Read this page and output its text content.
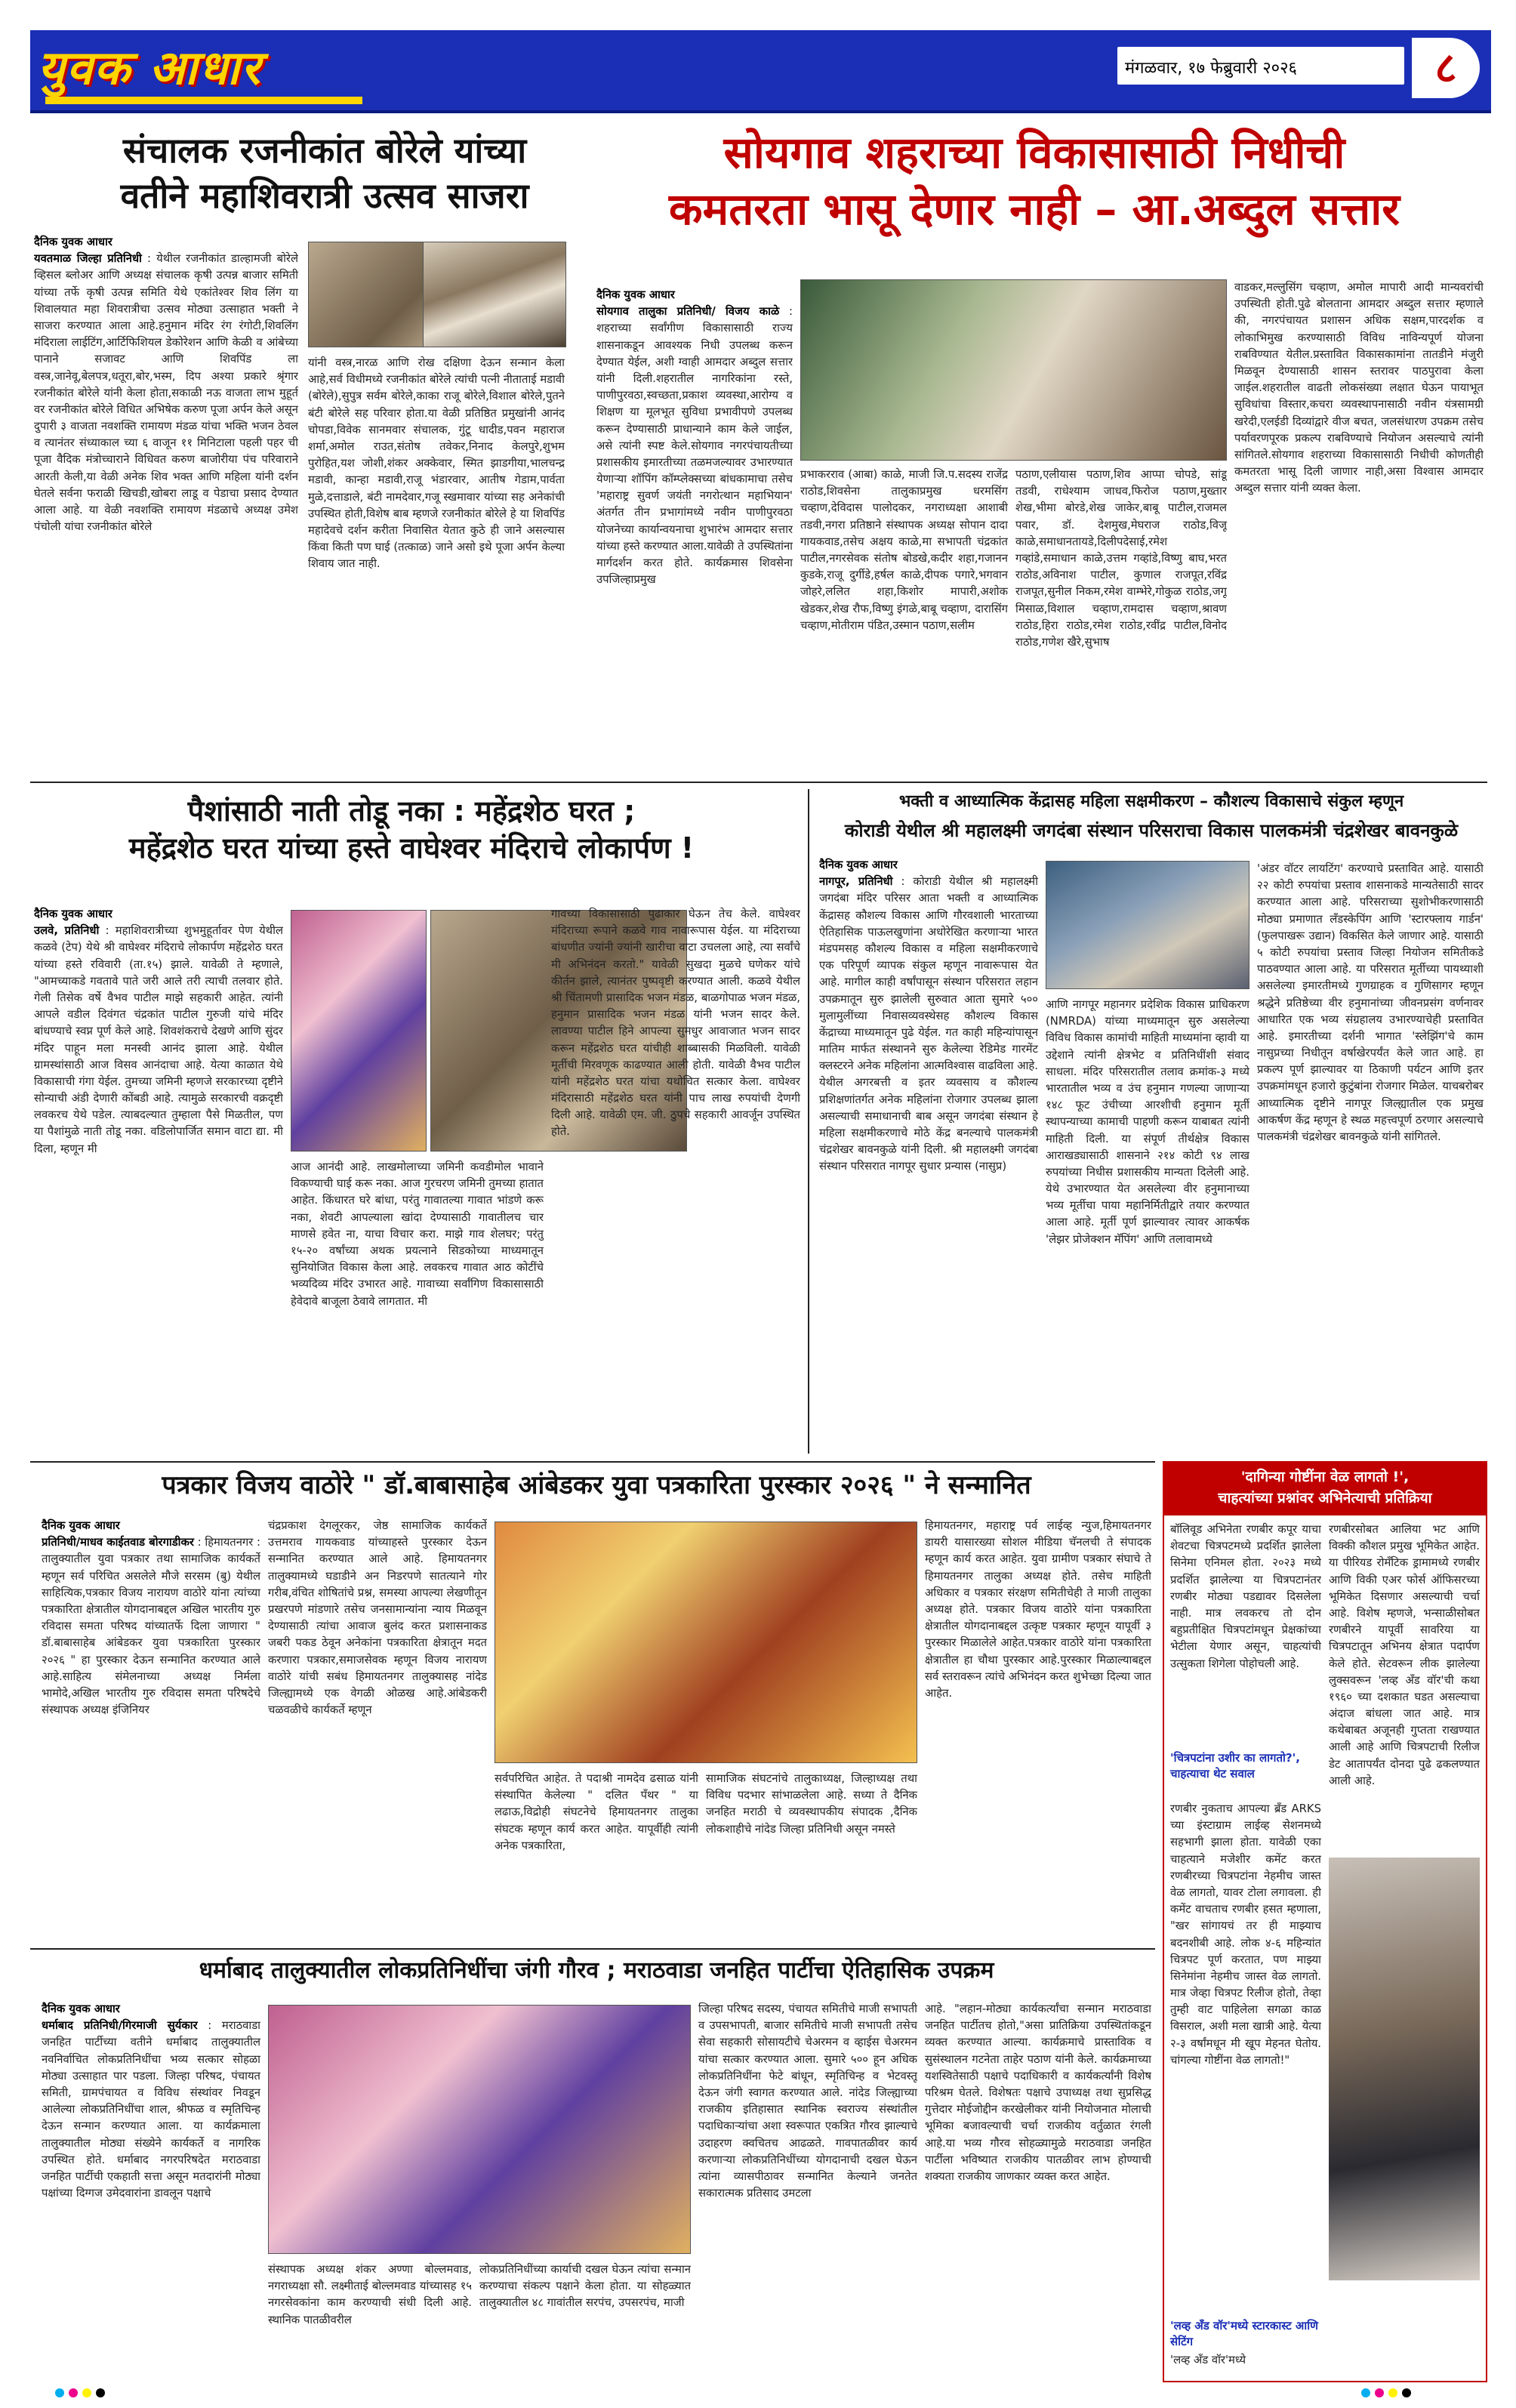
युवक आधार	मंगळवार, १७ फेब्रुवारी २०२६	८
संचालक रजनीकांत बोरेले यांच्या
वतीने महाशिवरात्री उत्सव साजरा
दैनिक युवक आधार
यवतमाळ जिल्हा प्रतिनिधी : येथील रजनीकांत डाल्हामजी बोरेले व्हिसल ब्लोअर आणि अध्यक्ष संचालक कृषी उत्पन्न बाजार समिती यांच्या तर्फे कृषी उत्पन्न समिति येथे एकांतेश्वर शिव लिंग या शिवालयात महा शिवरात्रीचा उत्सव मोठ्या उत्साहात भक्ती ने साजरा करण्यात आला आहे.हनुमान मंदिर रंग रंगोटी,शिवलिंग मंदिराला लाईटिंग,आर्टिफिशियल डेकोरेशन आणि केळी व आंबेच्या पानाने सजावट आणि शिवपिंड ला वस्त्र,जानेवू,बेलपत्र,धतूरा,बोर,भस्म, दिप अश्या प्रकारे श्रृंगार रजनीकांत बोरेले यांनी केला होता,सकाळी नऊ वाजता लाभ मुहूर्त वर रजनीकांत बोरेले विधित अभिषेक करुण पूजा अर्पन केले असून दुपारी ३ वाजता नवशक्ति रामायण मंडळ यांचा भक्ति भजन ठेवल व त्यानंतर संध्याकाल च्या ६ वाजून ११ मिनिटाला पहली पहर ची पूजा वैदिक मंत्रोच्चाराने विधिवत करुण बाजोरीया पंच परिवाराने आरती केली,या वेळी अनेक शिव भक्त आणि महिला यांनी दर्शन घेतले सर्वना फराळी खिचडी,खोबरा लाडू व पेडाचा प्रसाद देण्यात आला आहे. या वेळी नवशक्ति रामायण मंडळाचे अध्यक्ष उमेश पंचोली यांचा रजनीकांत बोरेले
यांनी वस्त्र,नारळ आणि रोख दक्षिणा देऊन सन्मान केला आहे,सर्व विधीमध्ये रजनीकांत बोरेले त्यांची पत्नी नीताताई मडावी (बोरेले),सुपुत्र सर्वम बोरेले,काका राजू बोरेले,विशाल बोरेले,पुतने बंटी बोरेले सह परिवार होता.या वेळी प्रतिष्ठित प्रमुखांनी आनंद चोपडा,विवेक सानमवार संचालक, गुंटू धादीड,पवन महाराज शर्मा,अमोल राउत,संतोष तवेकर,निनाद केलपुरे,शुभम पुरोहित,यश जोशी,शंकर अक्केवार, स्मित झाडगीया,भालचन्द्र मडावी, कान्हा मडावी,राजू भंडारवार, आतीष गेडाम,पार्वता मुळे,दत्ताडाले, बंटी नामदेवार,गजू स्खमावार यांच्या सह अनेकांची उपस्थित होती,विशेष बाब म्हणजे रजनीकांत बोरेले हे या शिवपिंड महादेवचे दर्शन करीता निवासित येतात कुठे ही जाने असल्यास किंवा किती पण घाई (तत्काळ) जाने असो इथे पूजा अर्पन केल्या शिवाय जात नाही.
सोयगाव शहराच्या विकासासाठी निधीची
कमतरता भासू देणार नाही – आ.अब्दुल सत्तार
दैनिक युवक आधार
सोयगाव तालुका प्रतिनिधी/ विजय काळे : शहराच्या सर्वांगीण विकासासाठी राज्य शासनाकडून आवश्यक निधी उपलब्ध करून देण्यात येईल, अशी ग्वाही आमदार अब्दुल सत्तार यांनी दिली.शहरातील नागरिकांना रस्ते, पाणीपुरवठा,स्वच्छता,प्रकाश व्यवस्था,आरोग्य व शिक्षण या मूलभूत सुविधा प्रभावीपणे उपलब्ध करून देण्यासाठी प्राधान्याने काम केले जाईल, असे त्यांनी स्पष्ट केले.सोयगाव नगरपंचायतीच्या प्रशासकीय इमारतीच्या तळमजल्यावर उभारण्यात येणाऱ्या शॉपिंग कॉम्प्लेक्सच्या बांधकामाचा तसेच 'महाराष्ट्र सुवर्ण जयंती नगरोत्थान महाभियान' अंतर्गत तीन प्रभागांमध्ये नवीन पाणीपुरवठा योजनेच्या कार्यान्वयनाचा शुभारंभ आमदार सत्तार यांच्या हस्ते करण्यात आला.यावेळी ते उपस्थितांना मार्गदर्शन करत होते. कार्यक्रमास शिवसेना उपजिल्हाप्रमुख
प्रभाकरराव (आबा) काळे, माजी जि.प.सदस्य राजेंद्र राठोड,शिवसेना तालुकाप्रमुख धरमसिंग चव्हाण,देविदास पालोदकर, नगराध्यक्षा आशाबी तडवी,नगरा प्रतिष्ठाने संस्थापक अध्यक्ष सोपान दादा गायकवाड,तसेच अक्षय काळे,मा सभापती चंद्रकांत पाटील,नगरसेवक संतोष बोडखे,कदीर शहा,गजानन कुडके,राजू दुर्गीडे,हर्षल काळे,दीपक पगारे,भगवान जोहरे,ललित शहा,किशोर मापारी,अशोक खेडकर,शेख रौफ,विष्णु इंगळे,बाबू चव्हाण, दारासिंग चव्हाण,मोतीराम पंडित,उस्मान पठाण,सलीम
पठाण,एलीयास पठाण,शिव आप्पा चोपडे, सांडू तडवी, राधेश्याम जाधव,फिरोज पठाण,मुख्तार शेख,भीमा बोरडे,शेख जाकेर,बाबू पाटील,राजमल पवार, डॉ. देशमुख,मेघराज राठोड,विजू काळे,समाधानतायडे,दिलीपदेसाई,रमेश गव्हांडे,समाधान काळे,उत्तम गव्हांडे,विष्णु बाघ,भरत राठोड,अविनाश पाटील, कुणाल राजपूत,रविंद्र राजपूत,सुनील निकम,रमेश वाम्भेरे,गोकुळ राठोड,जगू मिसाळ,विशाल चव्हाण,रामदास चव्हाण,श्रावण राठोड,हिरा राठोड,रमेश राठोड,रवींद्र पाटील,विनोद राठोड,गणेश खैरे,सुभाष
वाडकर,मल्लुसिंग चव्हाण, अमोल मापारी आदी मान्यवरांची उपस्थिती होती.पुढे बोलताना आमदार अब्दुल सत्तार म्हणाले की, नगरपंचायत प्रशासन अधिक सक्षम,पारदर्शक व लोकाभिमुख करण्यासाठी विविध नाविन्यपूर्ण योजना राबविण्यात येतील.प्रस्तावित विकासकामांना तातडीने मंजुरी मिळवून देण्यासाठी शासन स्तरावर पाठपुरावा केला जाईल.शहरातील वाढती लोकसंख्या लक्षात घेऊन पायाभूत सुविधांचा विस्तार,कचरा व्यवस्थापनासाठी नवीन यंत्रसामग्री खरेदी,एलईडी दिव्यांद्वारे वीज बचत, जलसंधारण उपक्रम तसेच पर्यावरणपूरक प्रकल्प राबविण्याचे नियोजन असल्याचे त्यांनी सांगितले.सोयगाव शहराच्या विकासासाठी निधीची कोणतीही कमतरता भासू दिली जाणार नाही,असा विश्वास आमदार अब्दुल सत्तार यांनी व्यक्त केला.
पैशांसाठी नाती तोडू नका : महेंद्रशेठ घरत ;
महेंद्रशेठ घरत यांच्या हस्ते वाघेश्वर मंदिराचे लोकार्पण !
दैनिक युवक आधार
उलवे, प्रतिनिधी : महाशिवरात्रीच्या शुभमुहूर्तावर पेण येथील कळवे (टेप) येथे श्री वाघेश्वर मंदिराचे लोकार्पण महेंद्रशेठ घरत यांच्या हस्ते रविवारी (ता.१५) झाले. यावेळी ते म्हणाले, "आमच्याकडे गवतावे पाते जरी आले तरी त्याची तलवार होते. गेली तिसेक वर्षे वैभव पाटील माझे सहकारी आहेत. त्यांनी आपले वडील दिवंगत चंद्रकांत पाटील गुरुजी यांचे मंदिर बांधण्याचे स्वप्न पूर्ण केले आहे. शिवशंकराचे देखणे आणि सुंदर मंदिर पाहून मला मनस्वी आनंद झाला आहे. येथील ग्रामस्थांसाठी आज विसव आनंदाचा आहे. येत्या काळात येथे विकासाची गंगा येईल. तुमच्या जमिनी म्हणजे सरकारच्या दृष्टीने सोन्याची अंडी देणारी कोंबडी आहे. त्यामुळे सरकारची वक्रदृष्टी लवकरच येथे पडेल. त्याबदल्यात तुम्हाला पैसे मिळतील, पण या पैशांमुळे नाती तोडू नका. वडिलोपार्जित समान वाटा द्या. मी दिला, म्हणून मी
आज आनंदी आहे. लाखमोलाच्या जमिनी कवडीमोल भावाने विकण्याची घाई करू नका. आज गुरचरण जमिनी तुमच्या हातात आहेत. किंधारत घरे बांधा, परंतु गावातल्या गावात भांडणे करू नका, शेवटी आपल्याला खांदा देण्यासाठी गावातीलच चार माणसे हवेत ना, याचा विचार करा. माझे गाव शेलघर; परंतु १५-२० वर्षांच्या अथक प्रयत्नाने सिडकोच्या माध्यमातून सुनियोजित विकास केला आहे. लवकरच गावात आठ कोटींचे भव्यदिव्य मंदिर उभारत आहे. गावाच्या सर्वांगिण विकासासाठी हेवेदावे बाजूला ठेवावे लागतात. मी
गावच्या विकासासाठी पुढाकार घेऊन तेच केले. वाघेश्वर मंदिराच्या रूपाने कळवे गाव नावारूपास येईल. या मंदिराच्या बांधणीत ज्यांनी ज्यांनी खारीचा वाटा उचलला आहे, त्या सर्वांचे मी अभिनंदन करतो." यावेळी सुखदा मुळचे घणेकर यांचे कीर्तन झाले, त्यानंतर पुष्पवृष्टी करण्यात आली. कळवे येथील श्री चिंतामणी प्रासादिक भजन मंडळ, बाळगोपाळ भजन मंडळ, हनुमान प्रासादिक भजन मंडळ यांनी भजन सादर केले. लावण्या पाटील हिने आपल्या सुमधुर आवाजात भजन सादर करून महेंद्रशेठ घरत यांचीही शाब्बासकी मिळविली. यावेळी मूर्तीची मिरवणूक काढण्यात आली होती. यावेळी वैभव पाटील यांनी महेंद्रशेठ घरत यांचा यथोचित सत्कार केला. वाघेश्वर मंदिरासाठी महेंद्रशेठ घरत यांनी पाच लाख रुपयांची देणगी दिली आहे. यावेळी एम. जी. ठुपचे सहकारी आवर्जून उपस्थित होते.
भक्ती व आध्यात्मिक केंद्रासह महिला सक्षमीकरण – कौशल्य विकासाचे संकुल म्हणून
कोराडी येथील श्री महालक्ष्मी जगदंबा संस्थान परिसराचा विकास पालकमंत्री चंद्रशेखर बावनकुळे
दैनिक युवक आधार
नागपूर, प्रतिनिधी : कोराडी येथील श्री महालक्ष्मी जगदंबा मंदिर परिसर आता भक्ती व आध्यात्मिक केंद्रासह कौशल्य विकास आणि गौरवशाली भारताच्या ऐतिहासिक पाऊलखुणांना अधोरेखित करणाऱ्या भारत मंडपमसह कौशल्य विकास व महिला सक्षमीकरणाचे एक परिपूर्ण व्यापक संकुल म्हणून नावारूपास येत आहे. मागील काही वर्षांपासून संस्थान परिसरात लहान उपक्रमातून सुरु झालेली सुरुवात आता सुमारे ५०० मुलामुलींच्या निवासव्यवस्थेसह कौशल्य विकास केंद्राच्या माध्यमातून पुढे येईल. गत काही महिन्यांपासून मातिम मार्फत संस्थानने सुरु केलेल्या रेडिमेड गारमेंट क्लस्टरने अनेक महिलांना आत्मविश्वास वाढविला आहे. येथील अगरबत्ती व इतर व्यवसाय व कौशल्य प्रशिक्षणांतर्गत अनेक महिलांना रोजगार उपलब्ध झाला असल्याची समाधानाची बाब असून जगदंबा संस्थान हे महिला सक्षमीकरणाचे मोठे केंद्र बनल्याचे पालकमंत्री चंद्रशेखर बावनकुळे यांनी दिली. श्री महालक्ष्मी जगदंबा संस्थान परिसरात नागपूर सुधार प्रन्यास (नासुप्र)
आणि नागपूर महानगर प्रदेशिक विकास प्राधिकरण (NMRDA) यांच्या माध्यमातून सुरु असलेल्या विविध विकास कामांची माहिती माध्यमांना व्हावी या उद्देशाने त्यांनी क्षेत्रभेट व प्रतिनिधींशी संवाद साधला. मंदिर परिसरातील तलाव क्रमांक-३ मध्ये भारतातील भव्य व उंच हनुमान गणल्या जाणाऱ्या १४८ फूट उंचीच्या आरशीची हनुमान मूर्ती स्थापन्याच्या कामाची पाहणी करून याबाबत त्यांनी माहिती दिली. या संपूर्ण तीर्थक्षेत्र विकास आराखड्यासाठी शासनाने २१४ कोटी ९४ लाख रुपयांच्या निधीस प्रशासकीय मान्यता दिलेली आहे. येथे उभारण्यात येत असलेल्या वीर हनुमानाच्या भव्य मूर्तीचा पाया महानिर्मितीद्वारे तयार करण्यात आला आहे. मूर्ती पूर्ण झाल्यावर त्यावर आकर्षक 'लेझर प्रोजेक्शन मॅपिंग' आणि तलावामध्ये
'अंडर वॉटर लायटिंग' करण्याचे प्रस्तावित आहे. यासाठी २२ कोटी रुपयांचा प्रस्ताव शासनाकडे मान्यतेसाठी सादर करण्यात आला आहे. परिसराच्या सुशोभीकरणासाठी मोठ्या प्रमाणात लँडस्केपिंग आणि 'स्टारफ्लाय गार्डन' (फुलपाखरू उद्यान) विकसित केले जाणार आहे. यासाठी ५ कोटी रुपयांचा प्रस्ताव जिल्हा नियोजन समितीकडे पाठवण्यात आला आहे. या परिसरात मूर्तीच्या पायथ्याशी असलेल्या इमारतीमध्ये गुणग्राहक व गुणिसागर म्हणून श्रद्धेने प्रतिष्ठेच्या वीर हनुमानांच्या जीवनप्रसंग वर्णनावर आधारित एक भव्य संग्रहालय उभारण्याचेही प्रस्तावित आहे. इमारतीच्या दर्शनी भागात 'स्लेझिंग'चे काम नासुप्रच्या निधीतून वर्षाखेरपर्यंत केले जात आहे. हा प्रकल्प पूर्ण झाल्यावर या ठिकाणी पर्यटन आणि इतर उपक्रमांमधून हजारो कुटुंबांना रोजगार मिळेल. याचबरोबर आध्यात्मिक दृष्टीने नागपूर जिल्ह्यातील एक प्रमुख आकर्षण केंद्र म्हणून हे स्थळ महत्त्वपूर्ण ठरणार असल्याचे पालकमंत्री चंद्रशेखर बावनकुळे यांनी सांगितले.
पत्रकार विजय वाठोरे " डॉ.बाबासाहेब आंबेडकर युवा पत्रकारिता पुरस्कार २०२६ " ने सन्मानित
दैनिक युवक आधार
प्रतिनिधी/माधव काईतवाड बोरगाडीकर : हिमायतनगर : तालुक्यातील युवा पत्रकार तथा सामाजिक कार्यकर्ते म्हणून सर्व परिचित असलेले मौजे सरसम (बु) येथील साहित्यिक,पत्रकार विजय नारायण वाठोरे यांना त्यांच्या पत्रकारिता क्षेत्रातील योगदानाबद्दल अखिल भारतीय गुरु रविदास समता परिषद यांच्यातर्फे दिला जाणारा " डॉ.बाबासाहेब आंबेडकर युवा पत्रकारिता पुरस्कार २०२६ " हा पुरस्कार देऊन सन्मानित करण्यात आले आहे.साहित्य संमेलनाच्या अध्यक्ष निर्मला भामोदे,अखिल भारतीय गुरु रविदास समता परिषदेचे संस्थापक अध्यक्ष इंजिनियर
चंद्रप्रकाश देगलूरकर, जेष्ठ सामाजिक कार्यकर्ते उत्तमराव गायकवाड यांच्याहस्ते पुरस्कार देऊन सन्मानित करण्यात आले आहे. हिमायतनगर तालुक्यामध्ये घडाडीने अन निडरपणे सातत्याने गोर गरीब,वंचित शोषितांचे प्रश्न, समस्या आपल्या लेखणीतून प्रखरपणे मांडणारे तसेच जनसामान्यांना न्याय मिळवून देण्यासाठी त्यांचा आवाज बुलंद करत प्रशासनाकड जबरी पकड ठेवून अनेकांना पत्रकारिता क्षेत्रातून मदत करणारा पत्रकार,समाजसेवक म्हणून विजय नारायण वाठोरे यांची सबंध हिमायतनगर तालुक्यासह नांदेड जिल्ह्यामध्ये एक वेगळी ओळख आहे.आंबेडकरी चळवळीचे कार्यकर्ते म्हणून
सर्वपरिचित आहेत. ते पदाश्री नामदेव ढसाळ यांनी संस्थापित केलेल्या " दलित पँथर " या लढाऊ,विद्रोही संघटनेचे हिमायतनगर तालुका संघटक म्हणून कार्य करत आहेत. यापूर्वीही त्यांनी अनेक पत्रकारिता,
सामाजिक संघटनांचे तालुकाध्यक्ष, जिल्हाध्यक्ष तथा विविध पदभार सांभाळलेला आहे. सध्या ते दैनिक जनहित मराठी चे व्यवस्थापकीय संपादक ,दैनिक लोकशाहीचे नांदेड जिल्हा प्रतिनिधी असून नमस्ते
हिमायतनगर, महाराष्ट्र पर्व लाईव्ह न्युज,हिमायतनगर डायरी यासारख्या सोशल मीडिया चॅनलची ते संपादक म्हणून कार्य करत आहेत. युवा ग्रामीण पत्रकार संघाचे ते हिमायतनगर तालुका अध्यक्ष होते. तसेच माहिती अधिकार व पत्रकार संरक्षण समितीचेही ते माजी तालुका अध्यक्ष होते. पत्रकार विजय वाठोरे यांना पत्रकारिता क्षेत्रातील योगदानाबद्दल उत्कृष्ट पत्रकार म्हणून यापूर्वी ३ पुरस्कार मिळालेले आहेत.पत्रकार वाठोरे यांना पत्रकारिता क्षेत्रातील हा चौथा पुरस्कार आहे.पुरस्कार मिळाल्याबद्दल सर्व स्तरावरून त्यांचे अभिनंदन करत शुभेच्छा दिल्या जात आहेत.
धर्माबाद तालुक्यातील लोकप्रतिनिधींचा जंगी गौरव ; मराठवाडा जनहित पार्टीचा ऐतिहासिक उपक्रम
दैनिक युवक आधार
धर्माबाद प्रतिनिधी/गिरमाजी सुर्यकार : मराठवाडा जनहित पार्टीच्या वतीने धर्माबाद तालुक्यातील नवनिर्वाचित लोकप्रतिनिधींचा भव्य सत्कार सोहळा मोठ्या उत्साहात पार पडला. जिल्हा परिषद, पंचायत समिती, ग्रामपंचायत व विविध संस्थांवर निवडून आलेल्या लोकप्रतिनिधींचा शाल, श्रीफळ व स्मृतिचिन्ह देऊन सन्मान करण्यात आला. या कार्यक्रमाला तालुक्यातील मोठ्या संख्येने कार्यकर्ते व नागरिक उपस्थित होते. धर्माबाद नगरपरिषदेत मराठवाडा जनहित पार्टीची एकहाती सत्ता असून मतदारांनी मोठ्या पक्षांच्या दिग्गज उमेदवारांना डावलून पक्षाचे
संस्थापक अध्यक्ष शंकर अण्णा बोल्लमवाड, नगराध्यक्षा सौ. लक्ष्मीताई बोल्लमवाड यांच्यासह १५ नगरसेवकांना काम करण्याची संधी दिली आहे. स्थानिक पातळीवरील
लोकप्रतिनिधींच्या कार्याची दखल घेऊन त्यांचा सन्मान करण्याचा संकल्प पक्षाने केला होता. या सोहळ्यात तालुक्यातील ४८ गावांतील सरपंच, उपसरपंच, माजी
जिल्हा परिषद सदस्य, पंचायत समितीचे माजी सभापती व उपसभापती, बाजार समितीचे माजी सभापती तसेच सेवा सहकारी सोसायटीचे चेअरमन व व्हाईस चेअरमन यांचा सत्कार करण्यात आला. सुमारे ५०० हून अधिक लोकप्रतिनिधींना फेटे बांधून, स्मृतिचिन्ह व भेटवस्तू देऊन जंगी स्वागत करण्यात आले. नांदेड जिल्ह्याच्या राजकीय इतिहासात स्थानिक स्वराज्य संस्थांतील पदाधिकाऱ्यांचा अशा स्वरूपात एकत्रित गौरव झाल्याचे उदाहरण क्वचितच आढळते. गावपातळीवर कार्य करणाऱ्या लोकप्रतिनिधींच्या योगदानाची दखल घेऊन त्यांना व्यासपीठावर सन्मानित केल्याने जनतेत सकारात्मक प्रतिसाद उमटला
आहे. "लहान-मोठ्या कार्यकर्त्यांचा सन्मान मराठवाडा जनहित पार्टीतच होतो,"असा प्रातिक्रिया उपस्थितांकडून व्यक्त करण्यात आल्या. कार्यक्रमाचे प्रास्ताविक व सुसंस्थालन गटनेता ताहेर पठाण यांनी केले. कार्यक्रमाच्या यशस्वितेसाठी पक्षाचे पदाधिकारी व कार्यकर्त्यांनी विशेष परिश्रम घेतले. विशेषतः पक्षाचे उपाध्यक्ष तथा सुप्रसिद्ध गुत्तेदार मोईजोद्दीन करखेलीकर यांनी नियोजनात मोलाची भूमिका बजावल्याची चर्चा राजकीय वर्तुळात रंगली आहे.या भव्य गौरव सोहळ्यामुळे मराठवाडा जनहित पार्टीला भविष्यात राजकीय पातळीवर लाभ होण्याची शक्यता राजकीय जाणकार व्यक्त करत आहेत.
'दागिन्या गोष्टींना वेळ लागतो !',
चाहत्यांच्या प्रश्नांवर अभिनेत्याची प्रतिक्रिया
बॉलिवूड अभिनेता रणबीर कपूर याचा शेवटचा चित्रपटमध्ये प्रदर्शित झालेला सिनेमा एनिमल होता. २०२३ मध्ये प्रदर्शित झालेल्या या चित्रपटानंतर रणबीर मोठ्या पडद्यावर दिसलेला नाही. मात्र लवकरच तो दोन बहुप्रतीक्षित चित्रपटांमधून प्रेक्षकांच्या भेटीला येणार असून, चाहत्यांची उत्सुकता शिगेला पोहोचली आहे.
'चित्रपटांना उशीर का लागतो?', चाहत्याचा थेट सवाल
रणबीर नुकताच आपल्या ब्रँड ARKS च्या इंस्टाग्राम लाईव्ह सेशनमध्ये सहभागी झाला होता. यावेळी एका चाहत्याने मजेशीर कमेंट करत रणबीरच्या चित्रपटांना नेहमीच जास्त वेळ लागतो, यावर टोला लगावला. ही कमेंट वाचताच रणबीर हसत म्हणाला, "खर सांगायचं तर ही माझ्याच बदनशीबी आहे. लोक ४-६ महिन्यांत चित्रपट पूर्ण करतात, पण माझ्या सिनेमांना नेहमीच जास्त वेळ लागतो. मात्र जेव्हा चित्रपट रिलीज होतो, तेव्हा तुम्ही वाट पाहिलेला सगळा काळ विसराल, अशी मला खात्री आहे. येत्या २-३ वर्षांमधून मी खूप मेहनत घेतोय. चांगल्या गोष्टींना वेळ लागतो!"
'लव्ह अँड वॉर'मध्ये स्टारकास्ट आणि सेटिंग
'लव्ह अँड वॉर'मध्ये
रणबीरसोबत आलिया भट आणि विक्की कौशल प्रमुख भूमिकेत आहेत. या पीरियड रोमँटिक ड्रामामध्ये रणबीर आणि विकी एअर फोर्स ऑफिसरच्या भूमिकेत दिसणार असल्याची चर्चा आहे. विशेष म्हणजे, भन्साळीसोबत रणबीरने यापूर्वी सावरिया या चित्रपटातून अभिनय क्षेत्रात पदार्पण केले होते. सेटवरून लीक झालेल्या लुक्सवरून 'लव्ह अँड वॉर'ची कथा १९६० च्या दशकात घडत असल्याचा अंदाज बांधला जात आहे. मात्र कथेबाबत अजूनही गुप्तता राखण्यात आली आहे आणि चित्रपटाची रिलीज डेट आतापर्यंत दोनदा पुढे ढकलण्यात आली आहे.
